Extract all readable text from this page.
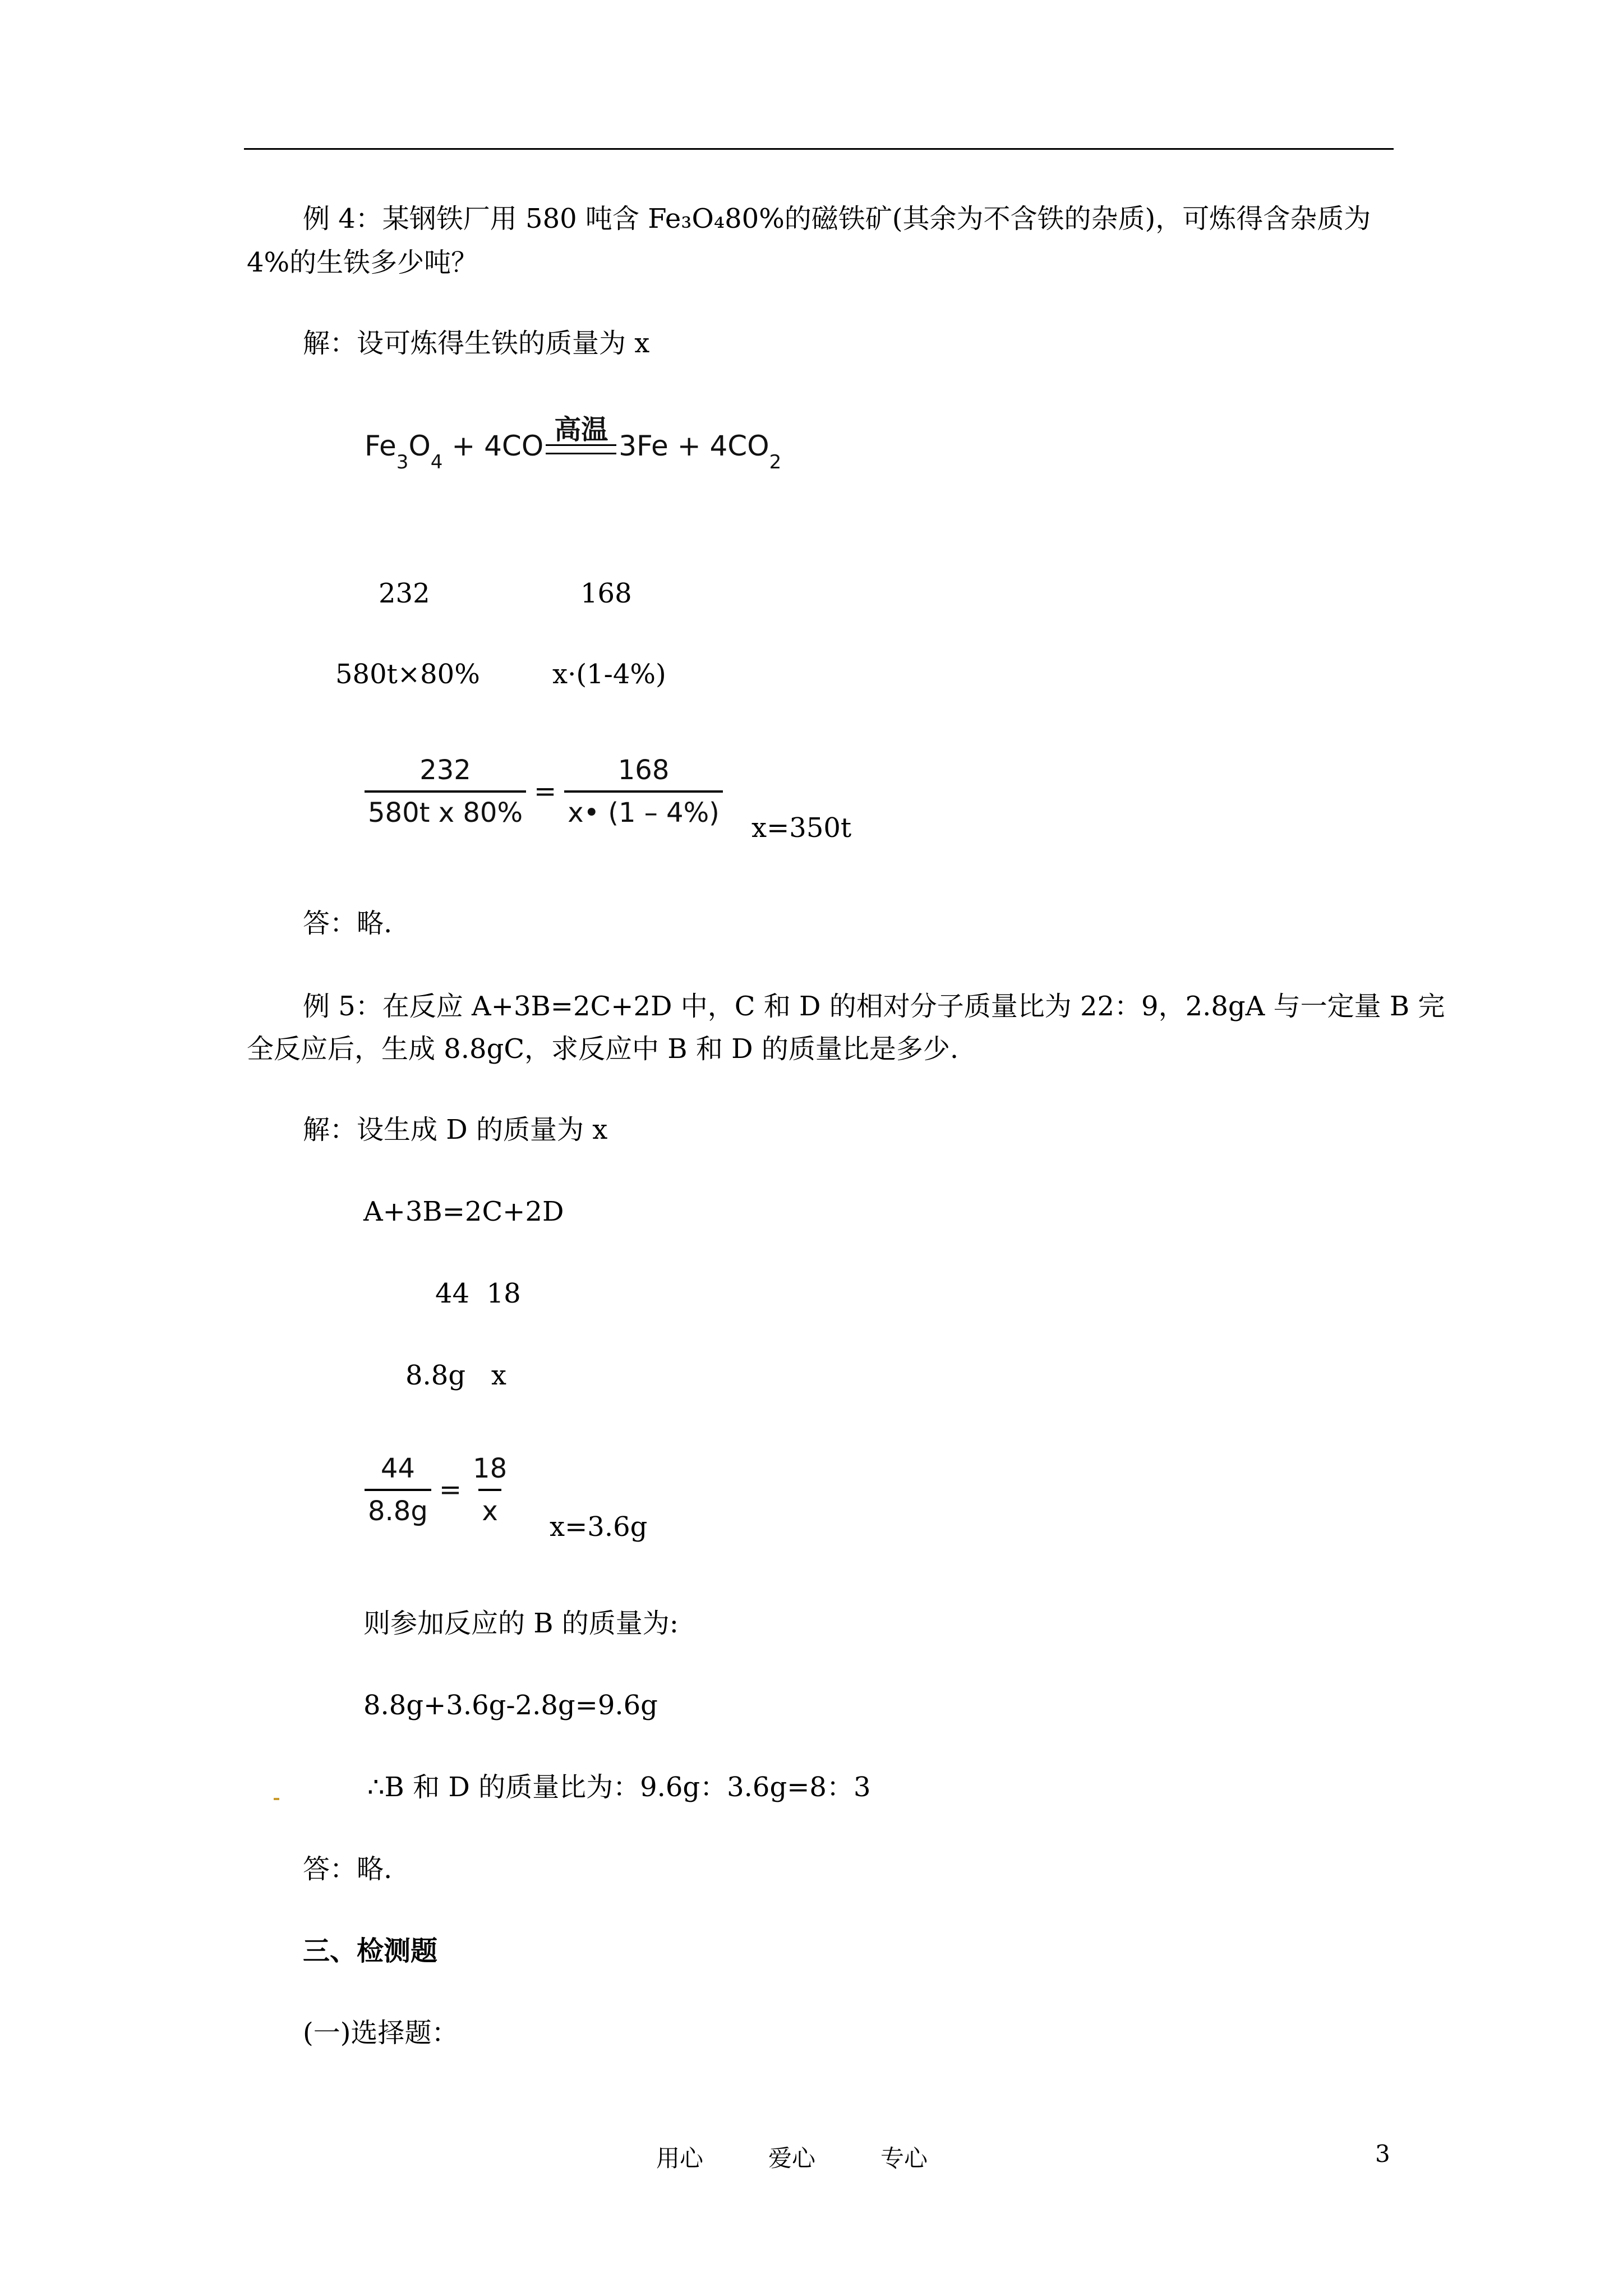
例 4：某钢铁厂用 580 吨含 Fe₃O₄80%的磁铁矿(其余为不含铁的杂质)，可炼得含杂质为
4%的生铁多少吨？
解：设可炼得生铁的质量为 x
Fe 3 O 4 + 4CO 高温 3Fe + 4CO 2
232	168
580t×80%	x·(1-4%)
$\frac{232}{\text{580t x 80\%}} = \frac{168}{x• (1 - 4\%)} x=350t$
答：略.
例 5：在反应 A+3B=2C+2D 中，C 和 D 的相对分子质量比为 22：9，2.8gA 与一定量 B 完
全反应后，生成 8.8gC，求反应中 B 和 D 的质量比是多少.
解：设生成 D 的质量为 x
A+3B=2C+2D
44  18
8.8g   x
$\frac{44}{8.8g} = \frac{18}{x} x=3.6g$
则参加反应的 B 的质量为:
8.8g+3.6g-2.8g=9.6g
∴B 和 D 的质量比为：9.6g：3.6g=8：3
答：略.
三、检测题
(一)选择题：
用心	爱心	专心	3
